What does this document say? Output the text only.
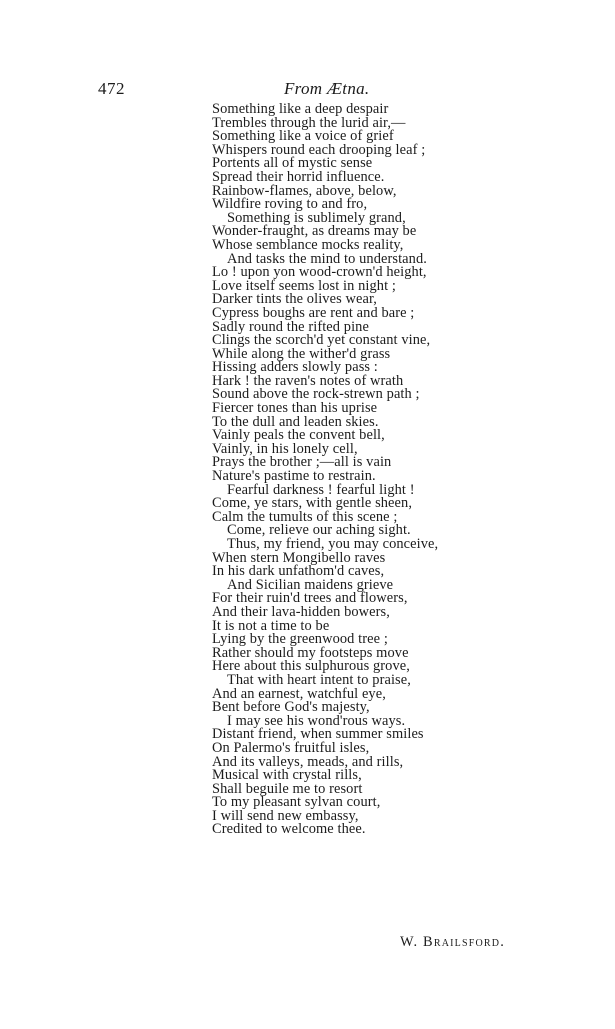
472	From Ætna.
Something like a deep despair
Trembles through the lurid air,—
Something like a voice of grief
Whispers round each drooping leaf ;
Portents all of mystic sense
Spread their horrid influence.
Rainbow-flames, above, below,
Wildfire roving to and fro,
Something is sublimely grand,
Wonder-fraught, as dreams may be
Whose semblance mocks reality,
And tasks the mind to understand.
Lo ! upon yon wood-crown'd height,
Love itself seems lost in night ;
Darker tints the olives wear,
Cypress boughs are rent and bare ;
Sadly round the rifted pine
Clings the scorch'd yet constant vine,
While along the wither'd grass
Hissing adders slowly pass :
Hark ! the raven's notes of wrath
Sound above the rock-strewn path ;
Fiercer tones than his uprise
To the dull and leaden skies.
Vainly peals the convent bell,
Vainly, in his lonely cell,
Prays the brother ;—all is vain
Nature's pastime to restrain.
Fearful darkness ! fearful light !
Come, ye stars, with gentle sheen,
Calm the tumults of this scene ;
Come, relieve our aching sight.
Thus, my friend, you may conceive,
When stern Mongibello raves
In his dark unfathom'd caves,
And Sicilian maidens grieve
For their ruin'd trees and flowers,
And their lava-hidden bowers,
It is not a time to be
Lying by the greenwood tree ;
Rather should my footsteps move
Here about this sulphurous grove,
That with heart intent to praise,
And an earnest, watchful eye,
Bent before God's majesty,
I may see his wond'rous ways.
Distant friend, when summer smiles
On Palermo's fruitful isles,
And its valleys, meads, and rills,
Musical with crystal rills,
Shall beguile me to resort
To my pleasant sylvan court,
I will send new embassy,
Credited to welcome thee.
W. Brailsford.
